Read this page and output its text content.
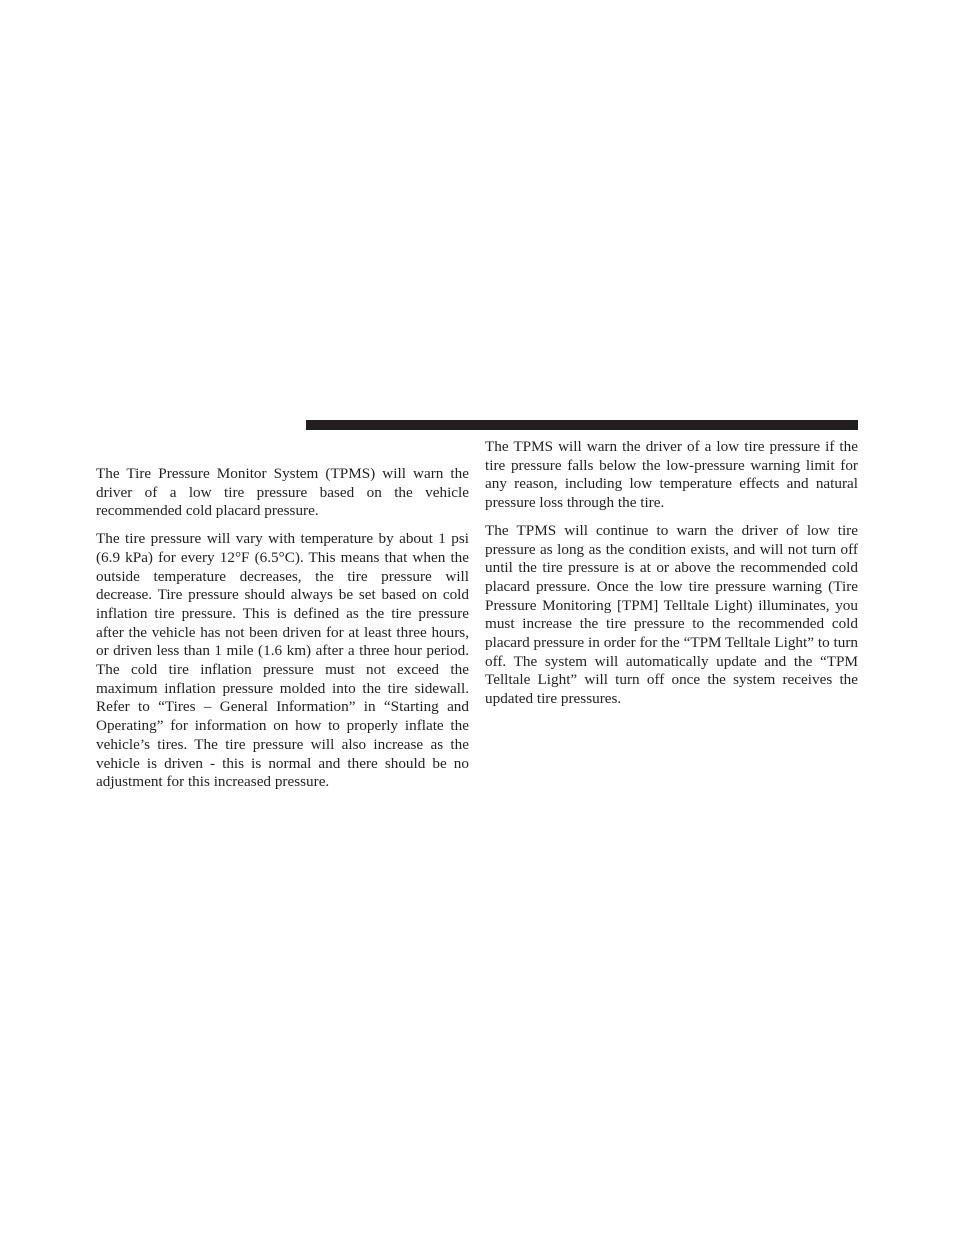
The Tire Pressure Monitor System (TPMS) will warn the driver of a low tire pressure based on the vehicle recommended cold placard pressure.

The tire pressure will vary with temperature by about 1 psi (6.9 kPa) for every 12°F (6.5°C). This means that when the outside temperature decreases, the tire pressure will decrease. Tire pressure should always be set based on cold inflation tire pressure. This is defined as the tire pressure after the vehicle has not been driven for at least three hours, or driven less than 1 mile (1.6 km) after a three hour period. The cold tire inflation pressure must not exceed the maximum inflation pressure molded into the tire sidewall. Refer to “Tires – General Information” in “Starting and Operating” for information on how to properly inflate the vehicle’s tires. The tire pressure will also increase as the vehicle is driven - this is normal and there should be no adjustment for this increased pressure.

The TPMS will warn the driver of a low tire pressure if the tire pressure falls below the low-pressure warning limit for any reason, including low temperature effects and natural pressure loss through the tire.

The TPMS will continue to warn the driver of low tire pressure as long as the condition exists, and will not turn off until the tire pressure is at or above the recommended cold placard pressure. Once the low tire pressure warning (Tire Pressure Monitoring [TPM] Telltale Light) illuminates, you must increase the tire pressure to the recommended cold placard pressure in order for the “TPM Telltale Light” to turn off. The system will automatically update and the “TPM Telltale Light” will turn off once the system receives the updated tire pressures.
